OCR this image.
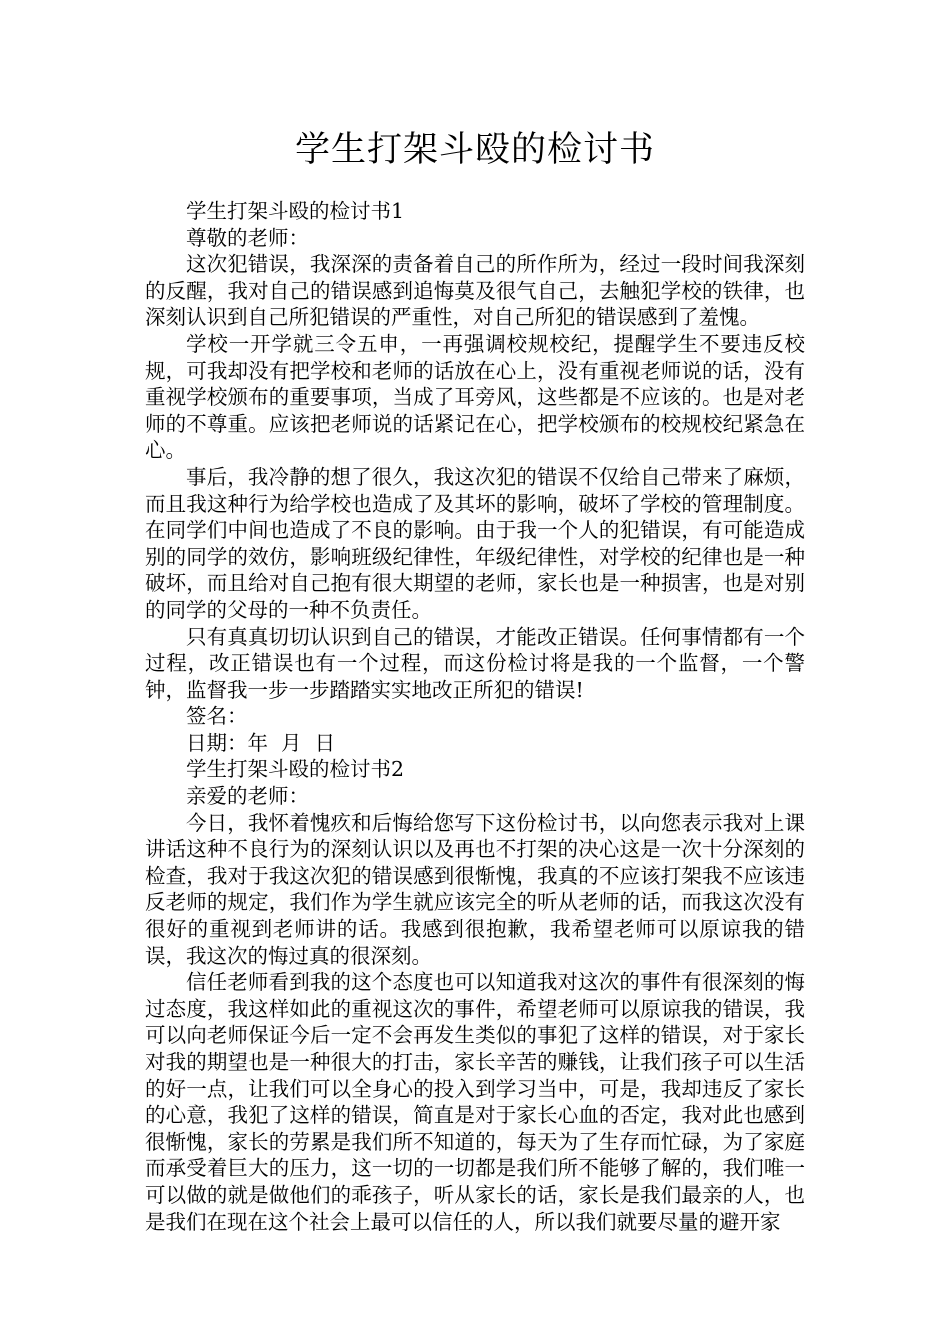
学生打架斗殴的检讨书

学生打架斗殴的检讨书1

尊敬的老师：

这次犯错误，我深深的责备着自己的所作所为，经过一段时间我深刻的反醒，我对自己的错误感到追悔莫及很气自己，去触犯学校的铁律，也深刻认识到自己所犯错误的严重性，对自己所犯的错误感到了羞愧。

学校一开学就三令五申，一再强调校规校纪，提醒学生不要违反校规，可我却没有把学校和老师的话放在心上，没有重视老师说的话，没有重视学校颁布的重要事项，当成了耳旁风，这些都是不应该的。也是对老师的不尊重。应该把老师说的话紧记在心，把学校颁布的校规校纪紧急在心。

事后，我冷静的想了很久，我这次犯的错误不仅给自己带来了麻烦，而且我这种行为给学校也造成了及其坏的影响，破坏了学校的管理制度。在同学们中间也造成了不良的影响。由于我一个人的犯错误，有可能造成别的同学的效仿，影响班级纪律性，年级纪律性，对学校的纪律也是一种破坏，而且给对自己抱有很大期望的老师，家长也是一种损害，也是对别的同学的父母的一种不负责任。

只有真真切切认识到自己的错误，才能改正错误。任何事情都有一个过程，改正错误也有一个过程，而这份检讨将是我的一个监督，一个警钟，监督我一步一步踏踏实实地改正所犯的错误!

签名：

日期：年  月  日

学生打架斗殴的检讨书2

亲爱的老师：

今日，我怀着愧疚和后悔给您写下这份检讨书，以向您表示我对上课讲话这种不良行为的深刻认识以及再也不打架的决心这是一次十分深刻的检查，我对于我这次犯的错误感到很惭愧，我真的不应该打架我不应该违反老师的规定，我们作为学生就应该完全的听从老师的话，而我这次没有很好的重视到老师讲的话。我感到很抱歉，我希望老师可以原谅我的错误，我这次的悔过真的很深刻。

信任老师看到我的这个态度也可以知道我对这次的事件有很深刻的悔过态度，我这样如此的重视这次的事件，希望老师可以原谅我的错误，我可以向老师保证今后一定不会再发生类似的事犯了这样的错误，对于家长对我的期望也是一种很大的打击，家长辛苦的赚钱，让我们孩子可以生活的好一点，让我们可以全身心的投入到学习当中，可是，我却违反了家长的心意，我犯了这样的错误，简直是对于家长心血的否定，我对此也感到很惭愧，家长的劳累是我们所不知道的，每天为了生存而忙碌，为了家庭而承受着巨大的压力，这一切的一切都是我们所不能够了解的，我们唯一可以做的就是做他们的乖孩子，听从家长的话，家长是我们最亲的人，也是我们在现在这个社会上最可以信任的人，所以我们就要尽量的避开家
